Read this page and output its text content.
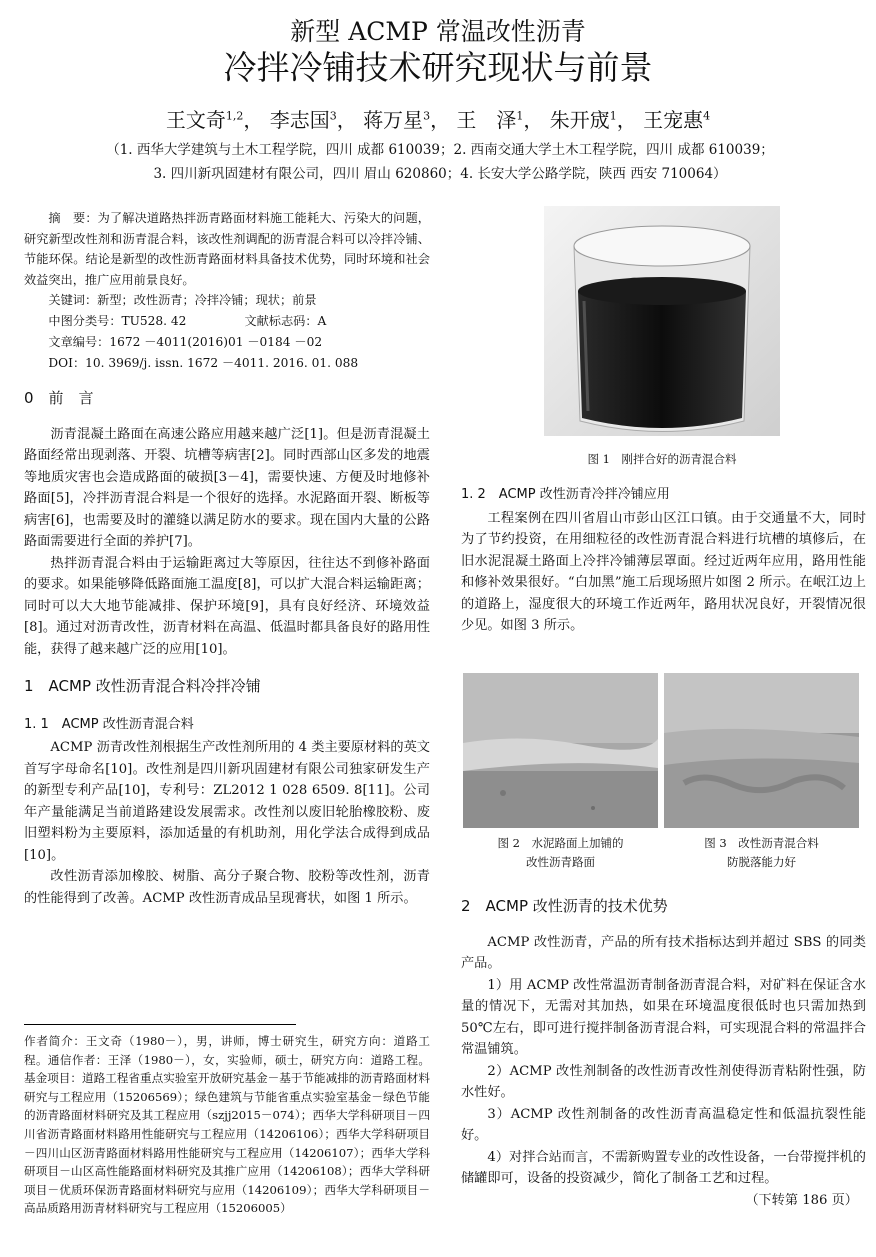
新型 ACMP 常温改性沥青
冷拌冷铺技术研究现状与前景
王文奇$^{1,2}$， 李志国$^3$， 蒋万星$^3$， 王　泽$^1$， 朱开宬$^1$， 王宠惠$^4$
（1. 西华大学建筑与土木工程学院，四川 成都 610039；2. 西南交通大学土木工程学院，四川 成都 610039；
3. 四川新巩固建材有限公司，四川 眉山 620860；4. 长安大学公路学院，陕西 西安 710064）

摘　要：为了解决道路热拌沥青路面材料施工能耗大、污染大的问题，研究新型改性剂和沥青混合料，该改性剂调配的沥青混合料可以冷拌冷铺、节能环保。结论是新型的改性沥青路面材料具备技术优势，同时环境和社会效益突出，推广应用前景良好。

关键词：新型；改性沥青；冷拌冷铺；现状；前景
中图分类号：TU528. 42	文献标志码：A
文章编号：1672 －4011(2016)01 －0184 －02
DOI：10. 3969/j. issn. 1672 －4011. 2016. 01. 088
0　前　言

沥青混凝土路面在高速公路应用越来越广泛[1]。但是沥青混凝土路面经常出现剥落、开裂、坑槽等病害[2]。同时西部山区多发的地震等地质灾害也会造成路面的破损[3－4]，需要快速、方便及时地修补路面[5]，冷拌沥青混合料是一个很好的选择。水泥路面开裂、断板等病害[6]，也需要及时的灌缝以满足防水的要求。现在国内大量的公路路面需要进行全面的养护[7]。

热拌沥青混合料由于运输距离过大等原因，往往达不到修补路面的要求。如果能够降低路面施工温度[8]，可以扩大混合料运输距离；同时可以大大地节能减排、保护环境[9]，具有良好经济、环境效益[8]。通过对沥青改性，沥青材料在高温、低温时都具备良好的路用性能，获得了越来越广泛的应用[10]。

1　ACMP 改性沥青混合料冷拌冷铺
1. 1　ACMP 改性沥青混合料

ACMP 沥青改性剂根据生产改性剂所用的 4 类主要原材料的英文首写字母命名[10]。改性剂是四川新巩固建材有限公司独家研发生产的新型专利产品[10]，专利号：ZL2012 1 028 6509. 8[11]。公司年产量能满足当前道路建设发展需求。改性剂以废旧轮胎橡胶粉、废旧塑料粉为主要原料，添加适量的有机助剂，用化学法合成得到成品[10]。

改性沥青添加橡胶、树脂、高分子聚合物、胶粉等改性剂，沥青的性能得到了改善。ACMP 改性沥青成品呈现膏状，如图 1 所示。

作者简介：王文奇（1980－），男，讲师，博士研究生，研究方向：道路工程。通信作者：王泽（1980－），女，实验师，硕士，研究方向：道路工程。基金项目：道路工程省重点实验室开放研究基金－基于节能减排的沥青路面材料研究与工程应用（15206569）；绿色建筑与节能省重点实验室基金－绿色节能的沥青路面材料研究及其工程应用（szjj2015－074）；西华大学科研项目－四川省沥青路面材料路用性能研究与工程应用（14206106）；西华大学科研项目－四川山区沥青路面材料路用性能研究与工程应用（14206107）；西华大学科研项目－山区高性能路面材料研究及其推广应用（14206108）；西华大学科研项目－优质环保沥青路面材料研究与应用（14206109）；西华大学科研项目－高品质路用沥青材料研究与工程应用（15206005）
图 1　刚拌合好的沥青混合料
1. 2　ACMP 改性沥青冷拌冷铺应用

工程案例在四川省眉山市彭山区江口镇。由于交通量不大，同时为了节约投资，在用细粒径的改性沥青混合料进行坑槽的填修后，在旧水泥混凝土路面上冷拌冷铺薄层罩面。经过近两年应用，路用性能和修补效果很好。“白加黑”施工后现场照片如图 2 所示。在岷江边上的道路上，湿度很大的环境工作近两年，路用状况良好，开裂情况很少见。如图 3 所示。

图 2　水泥路面上加铺的
改性沥青路面
图 3　改性沥青混合料
防脱落能力好
2　ACMP 改性沥青的技术优势

ACMP 改性沥青，产品的所有技术指标达到并超过 SBS 的同类产品。

1）用 ACMP 改性常温沥青制备沥青混合料，对矿料在保证含水量的情况下，无需对其加热，如果在环境温度很低时也只需加热到 50℃左右，即可进行搅拌制备沥青混合料，可实现混合料的常温拌合常温铺筑。

2）ACMP 改性剂制备的改性沥青改性剂使得沥青粘附性强，防水性好。

3）ACMP 改性剂制备的改性沥青高温稳定性和低温抗裂性能好。

4）对拌合站而言，不需新购置专业的改性设备，一台带搅拌机的储罐即可，设备的投资减少，简化了制备工艺和过程。

（下转第 186 页）
